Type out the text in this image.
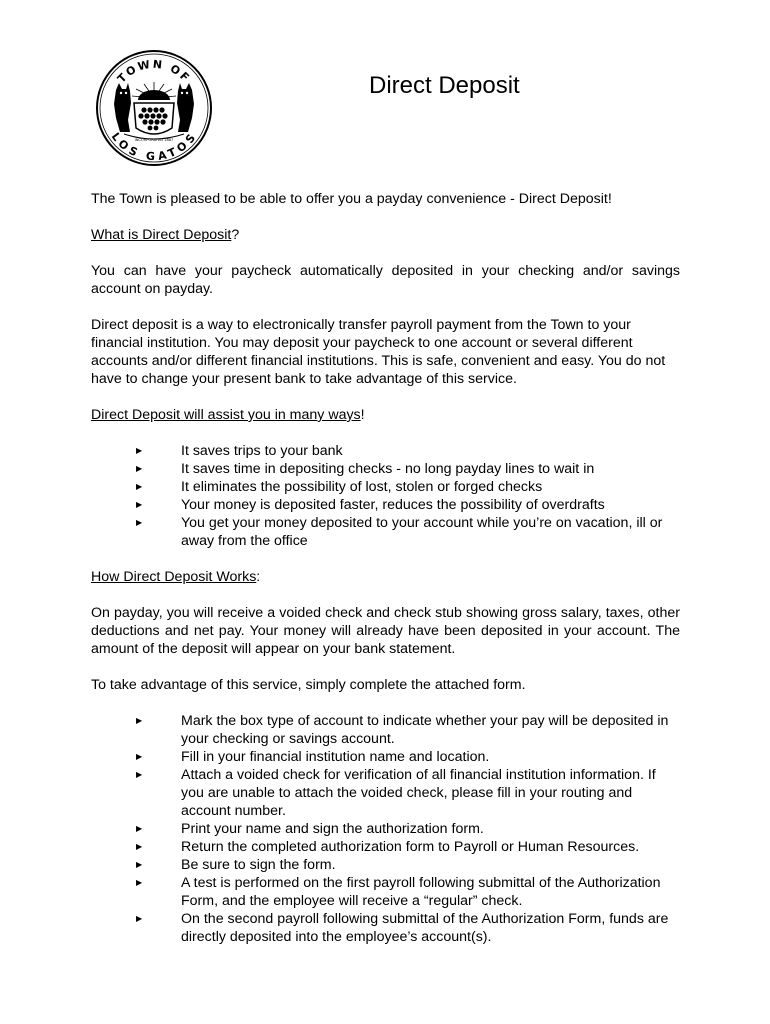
TOWN OF
LOS GATOS
INCORPORATED 1887
Direct Deposit

The Town is pleased to be able to offer you a payday convenience - Direct Deposit!

What is Direct Deposit?

You can have your paycheck automatically deposited in your checking and/or savings account on payday.

Direct deposit is a way to electronically transfer payroll payment from the Town to your financial institution. You may deposit your paycheck to one account or several different accounts and/or different financial institutions. This is safe, convenient and easy. You do not have to change your present bank to take advantage of this service.

Direct Deposit will assist you in many ways!

▶	It saves trips to your bank
▶	It saves time in depositing checks - no long payday lines to wait in
▶	It eliminates the possibility of lost, stolen or forged checks
▶	Your money is deposited faster, reduces the possibility of overdrafts
▶	You get your money deposited to your account while you’re on vacation, ill or away from the office

How Direct Deposit Works:

On payday, you will receive a voided check and check stub showing gross salary, taxes, other deductions and net pay. Your money will already have been deposited in your account. The amount of the deposit will appear on your bank statement.

To take advantage of this service, simply complete the attached form.

▶	Mark the box type of account to indicate whether your pay will be deposited in your checking or savings account.
▶	Fill in your financial institution name and location.
▶	Attach a voided check for verification of all financial institution information. If you are unable to attach the voided check, please fill in your routing and account number.
▶	Print your name and sign the authorization form.
▶	Return the completed authorization form to Payroll or Human Resources.
▶	Be sure to sign the form.
▶	A test is performed on the first payroll following submittal of the Authorization Form, and the employee will receive a “regular” check.
▶	On the second payroll following submittal of the Authorization Form, funds are directly deposited into the employee’s account(s).
